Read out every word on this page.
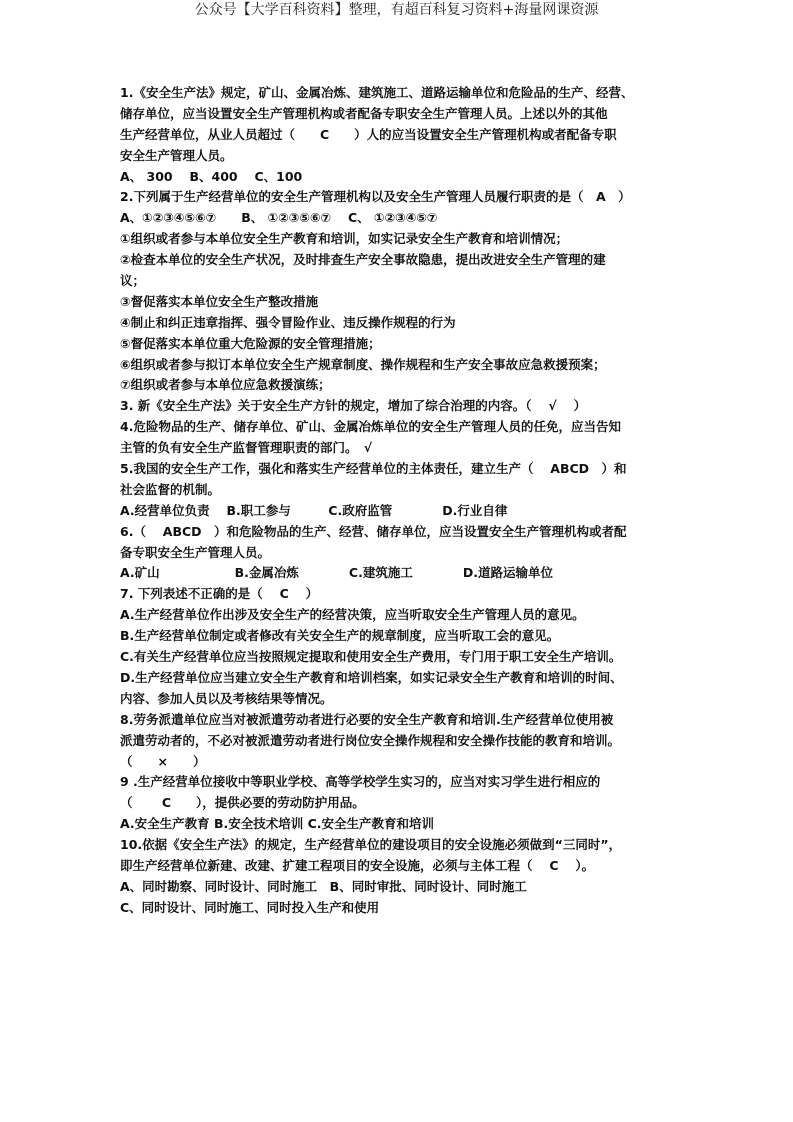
公众号【大学百科资料】整理，有超百科复习资料+海量网课资源
1.《安全生产法》规定，矿山、金属冶炼、建筑施工、道路运输单位和危险品的生产、经营、
储存单位，应当设置安全生产管理机构或者配备专职安全生产管理人员。上述以外的其他
生产经营单位，从业人员超过（　　C　　）人的应当设置安全生产管理机构或者配备专职
安全生产管理人员。
A、 300　 B、400　 C、100
2.下列属于生产经营单位的安全生产管理机构以及安全生产管理人员履行职责的是（　A　）
A、①②③④⑤⑥⑦　　B、 ①②③⑤⑥⑦　 C、 ①②③④⑤⑦
①组织或者参与本单位安全生产教育和培训，如实记录安全生产教育和培训情况；
②检查本单位的安全生产状况，及时排查生产安全事故隐患，提出改进安全生产管理的建
议；
③督促落实本单位安全生产整改措施
④制止和纠正违章指挥、强令冒险作业、违反操作规程的行为
⑤督促落实本单位重大危险源的安全管理措施；
⑥组织或者参与拟订本单位安全生产规章制度、操作规程和生产安全事故应急救援预案；
⑦组织或者参与本单位应急救援演练；
3. 新《安全生产法》关于安全生产方针的规定，增加了综合治理的内容。（　 √　 ）
4.危险物品的生产、储存单位、矿山、金属冶炼单位的安全生产管理人员的任免，应当告知
主管的负有安全生产监督管理职责的部门。　√
5.我国的安全生产工作，强化和落实生产经营单位的主体责任，建立生产（　 ABCD　）和
社会监督的机制。
A.经营单位负责　 B.职工参与　　　C.政府监管　　　　D.行业自律
6.（　 ABCD　）和危险物品的生产、经营、储存单位，应当设置安全生产管理机构或者配
备专职安全生产管理人员。
A.矿山　　　　　　B.金属冶炼　　　　C.建筑施工　　　　D.道路运输单位
7. 下列表述不正确的是（　 C　 ）
A.生产经营单位作出涉及安全生产的经营决策，应当听取安全生产管理人员的意见。
B.生产经营单位制定或者修改有关安全生产的规章制度，应当听取工会的意见。
C.有关生产经营单位应当按照规定提取和使用安全生产费用，专门用于职工安全生产培训。
D.生产经营单位应当建立安全生产教育和培训档案，如实记录安全生产教育和培训的时间、
内容、参加人员以及考核结果等情况。
8.劳务派遣单位应当对被派遣劳动者进行必要的安全生产教育和培训.生产经营单位使用被
派遣劳动者的，不必对被派遣劳动者进行岗位安全操作规程和安全操作技能的教育和培训。
（　　×　　）
9 .生产经营单位接收中等职业学校、高等学校学生实习的，应当对实习学生进行相应的
（　　 C　　），提供必要的劳动防护用品。
A.安全生产教育 B.安全技术培训 C.安全生产教育和培训
10.依据《安全生产法》的规定，生产经营单位的建设项目的安全设施必须做到“三同时”，
即生产经营单位新建、改建、扩建工程项目的安全设施，必须与主体工程（　 C　 ）。
A、同时勘察、同时设计、同时施工　B、同时审批、同时设计、同时施工
C、同时设计、同时施工、同时投入生产和使用
